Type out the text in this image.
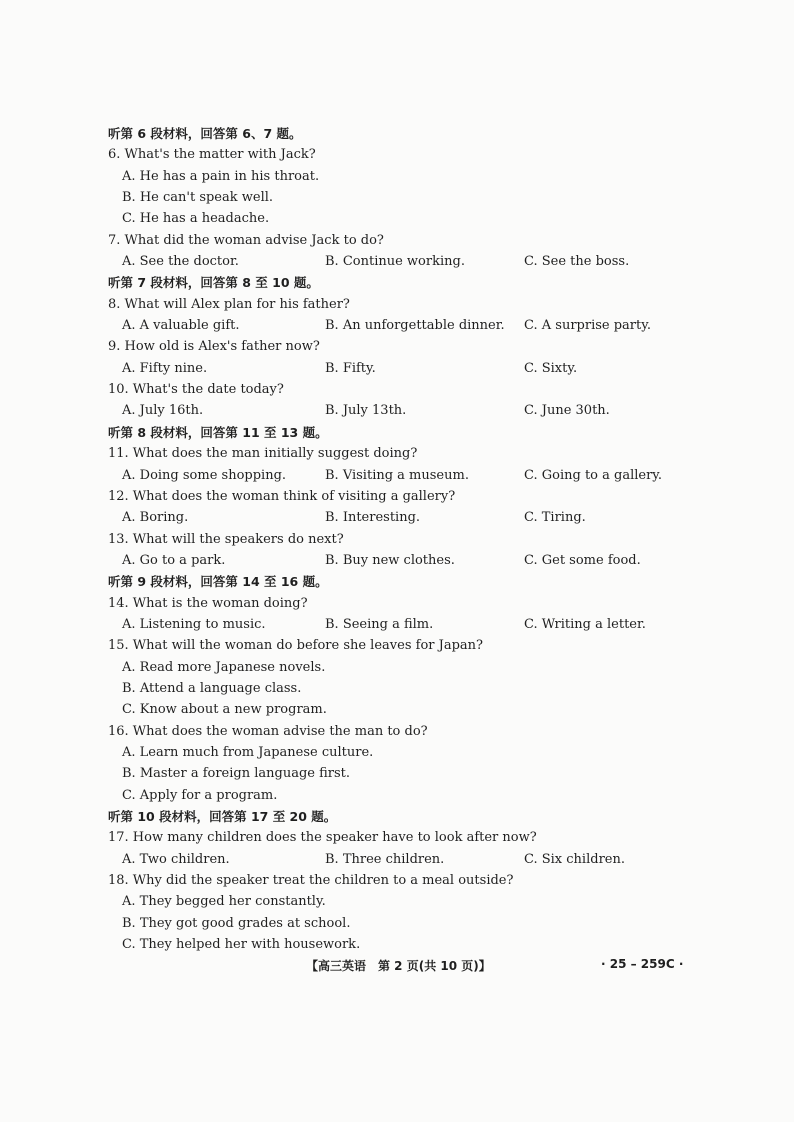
听第 6 段材料，回答第 6、7 题。
6. What's the matter with Jack?
A. He has a pain in his throat.
B. He can't speak well.
C. He has a headache.
7. What did the woman advise Jack to do?
A. See the doctor.	B. Continue working.	C. See the boss.
听第 7 段材料，回答第 8 至 10 题。
8. What will Alex plan for his father?
A. A valuable gift.	B. An unforgettable dinner. C. A surprise party.
9. How old is Alex's father now?
A. Fifty nine.	B. Fifty.	C. Sixty.
10. What's the date today?
A. July 16th.	B. July 13th.	C. June 30th.
听第 8 段材料，回答第 11 至 13 题。
11. What does the man initially suggest doing?
A. Doing some shopping.	B. Visiting a museum.	C. Going to a gallery.
12. What does the woman think of visiting a gallery?
A. Boring.	B. Interesting.	C. Tiring.
13. What will the speakers do next?
A. Go to a park.	B. Buy new clothes.	C. Get some food.
听第 9 段材料，回答第 14 至 16 题。
14. What is the woman doing?
A. Listening to music.	B. Seeing a film.	C. Writing a letter.
15. What will the woman do before she leaves for Japan?
A. Read more Japanese novels.
B. Attend a language class.
C. Know about a new program.
16. What does the woman advise the man to do?
A. Learn much from Japanese culture.
B. Master a foreign language first.
C. Apply for a program.
听第 10 段材料，回答第 17 至 20 题。
17. How many children does the speaker have to look after now?
A. Two children.	B. Three children.	C. Six children.
18. Why did the speaker treat the children to a meal outside?
A. They begged her constantly.
B. They got good grades at school.
C. They helped her with housework.
【高三英语　第 2 页(共 10 页)】	· 25 – 259C ·
